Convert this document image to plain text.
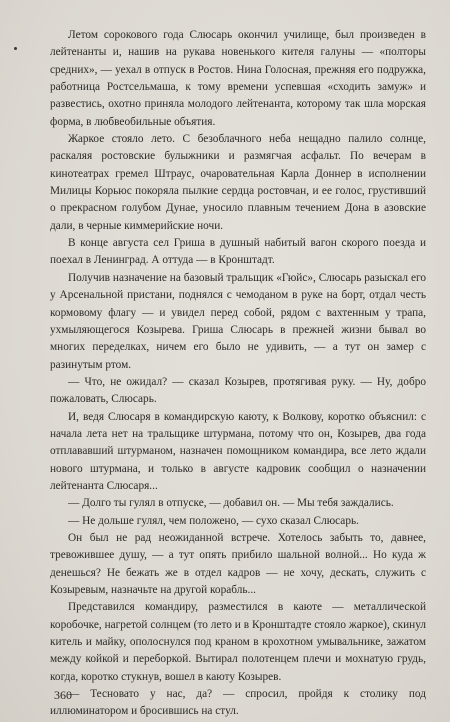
Летом сорокового года Слюсарь окончил училище, был произведен в лейтенанты и, нашив на рукава новенького кителя галуны — «полторы средних», — уехал в отпуск в Ростов. Нина Голосная, прежняя его подружка, работница Ростсельмаша, к тому времени успевшая «сходить замуж» и развестись, охотно приняла молодого лейтенанта, которому так шла морская форма, в любвеобильные объятия.

Жаркое стояло лето. С безоблачного неба нещадно палило солнце, раскаляя ростовские булыжники и размягчая асфальт. По вечерам в кинотеатрах гремел Штраус, очаровательная Карла Доннер в исполнении Милицы Корьюс покоряла пылкие сердца ростовчан, и ее голос, грустивший о прекрасном голубом Дунае, уносило плавным течением Дона в азовские дали, в черные киммерийские ночи.

В конце августа сел Гриша в душный набитый вагон скорого поезда и поехал в Ленинград. А оттуда — в Кронштадт.

Получив назначение на базовый тральщик «Гюйс», Слюсарь разыскал его у Арсенальной пристани, поднялся с чемоданом в руке на борт, отдал честь кормовому флагу — и увидел перед собой, рядом с вахтенным у трапа, ухмыляющегося Козырева. Гриша Слюсарь в прежней жизни бывал во многих переделках, ничем его было не удивить, — а тут он замер с разинутым ртом.

— Что, не ожидал? — сказал Козырев, протягивая руку. — Ну, добро пожаловать, Слюсарь.

И, ведя Слюсаря в командирскую каюту, к Волкову, коротко объяснил: с начала лета нет на тральщике штурмана, потому что он, Козырев, два года отплававший штурманом, назначен помощником командира, все лето ждали нового штурмана, и только в августе кадровик сообщил о назначении лейтенанта Слюсаря...

— Долго ты гулял в отпуске, — добавил он. — Мы тебя заждались.

— Не дольше гулял, чем положено, — сухо сказал Слюсарь.

Он был не рад неожиданной встрече. Хотелось забыть то, давнее, тревожившее душу, — а тут опять прибило шальной волной... Но куда ж денешься? Не бежать же в отдел кадров — не хочу, дескать, служить с Козыревым, назначьте на другой корабль...

Представился командиру, разместился в каюте — металлической коробочке, нагретой солнцем (то лето и в Кронштадте стояло жаркое), скинул китель и майку, ополоснулся под краном в крохотном умывальнике, зажатом между койкой и переборкой. Вытирал полотенцем плечи и мохнатую грудь, когда, коротко стукнув, вошел в каюту Козырев.

— Тесновато у нас, да? — спросил, пройдя к столику под иллюминатором и бросившись на стул.

360
